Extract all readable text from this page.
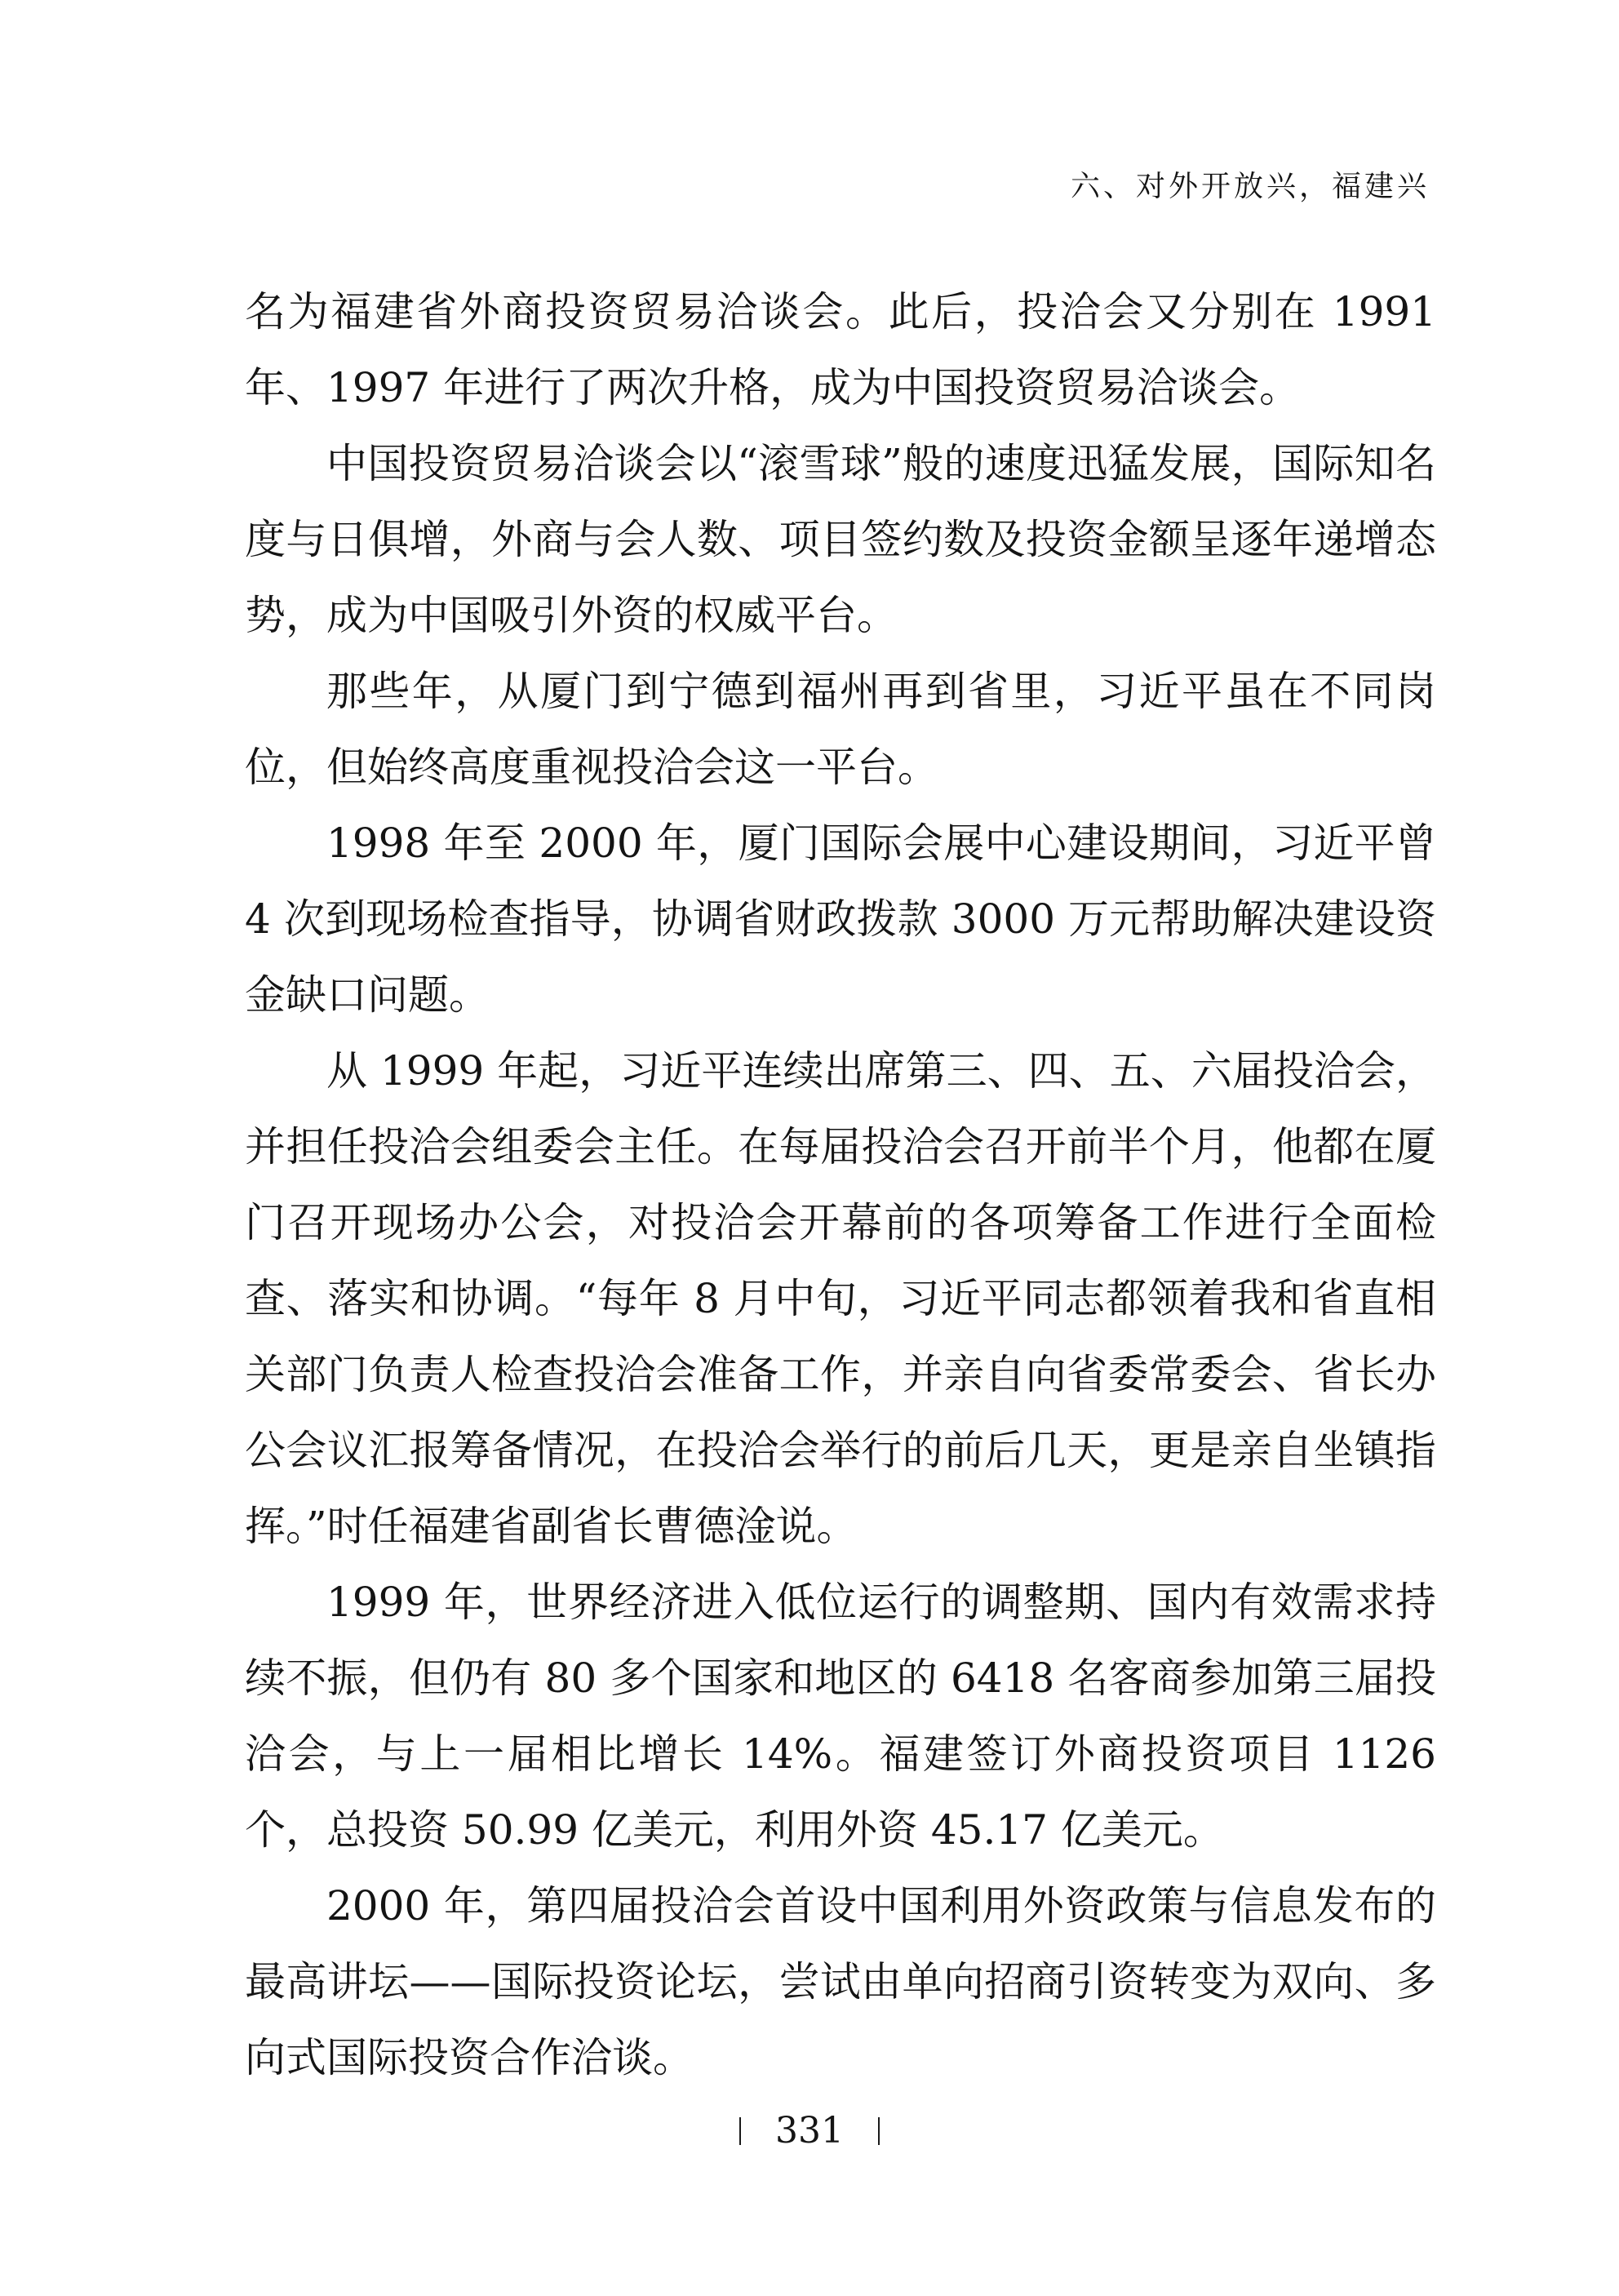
六、对外开放兴，福建兴

名为福建省外商投资贸易洽谈会。此后，投洽会又分别在 1991 年、1997 年进行了两次升格，成为中国投资贸易洽谈会。

中国投资贸易洽谈会以“滚雪球”般的速度迅猛发展，国际知名度与日俱增，外商与会人数、项目签约数及投资金额呈逐年递增态势，成为中国吸引外资的权威平台。

那些年，从厦门到宁德到福州再到省里，习近平虽在不同岗位，但始终高度重视投洽会这一平台。

1998 年至 2000 年，厦门国际会展中心建设期间，习近平曾 4 次到现场检查指导，协调省财政拨款 3000 万元帮助解决建设资金缺口问题。

从 1999 年起，习近平连续出席第三、四、五、六届投洽会，并担任投洽会组委会主任。在每届投洽会召开前半个月，他都在厦门召开现场办公会，对投洽会开幕前的各项筹备工作进行全面检查、落实和协调。“每年 8 月中旬，习近平同志都领着我和省直相关部门负责人检查投洽会准备工作，并亲自向省委常委会、省长办公会议汇报筹备情况，在投洽会举行的前后几天，更是亲自坐镇指挥。”时任福建省副省长曹德淦说。

1999 年，世界经济进入低位运行的调整期、国内有效需求持续不振，但仍有 80 多个国家和地区的 6418 名客商参加第三届投洽会，与上一届相比增长 14%。福建签订外商投资项目 1126 个，总投资 50.99 亿美元，利用外资 45.17 亿美元。

2000 年，第四届投洽会首设中国利用外资政策与信息发布的最高讲坛——国际投资论坛，尝试由单向招商引资转变为双向、多向式国际投资合作洽谈。

331
